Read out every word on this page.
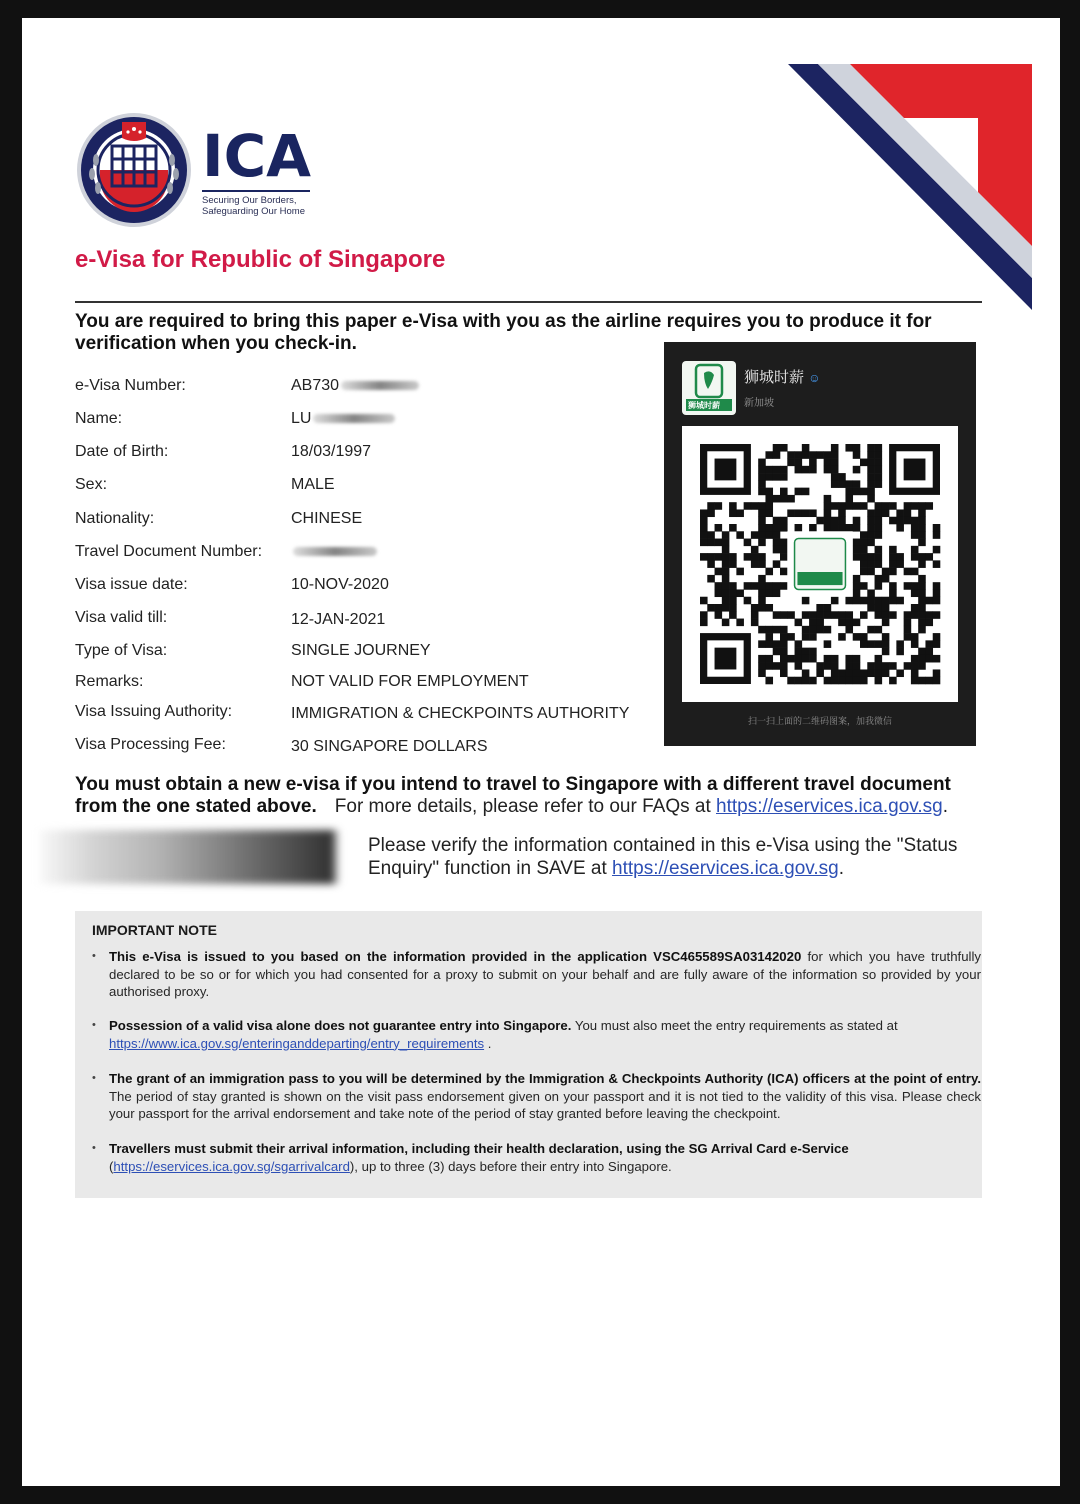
ICA
Securing Our Borders,
Safeguarding Our Home
e-Visa for Republic of Singapore
You are required to bring this paper e-Visa with you as the airline requires you to produce it for verification when you check-in.
e-Visa Number:	AB730
Name:	LU
Date of Birth:	18/03/1997
Sex:	MALE
Nationality:	CHINESE
Travel Document Number:
Visa issue date:	10-NOV-2020
Visa valid till:	12-JAN-2021
Type of Visa:	SINGLE JOURNEY
Remarks:	NOT VALID FOR EMPLOYMENT
Visa Issuing Authority:	IMMIGRATION & CHECKPOINTS AUTHORITY
Visa Processing Fee:	30 SINGAPORE DOLLARS
狮城时薪
狮城时薪 ☺
新加坡
扫一扫上面的二维码图案，加我微信
You must obtain a new e-visa if you intend to travel to Singapore with a different travel document
from the one stated above. For more details, please refer to our FAQs at https://eservices.ica.gov.sg.
Please verify the information contained in this e-Visa using the "Status Enquiry" function in SAVE at https://eservices.ica.gov.sg.
IMPORTANT NOTE
• This e-Visa is issued to you based on the information provided in the application VSC465589SA03142020 for which you have truthfully declared to be so or for which you had consented for a proxy to submit on your behalf and are fully aware of the information so provided by your authorised proxy.
• Possession of a valid visa alone does not guarantee entry into Singapore. You must also meet the entry requirements as stated at
https://www.ica.gov.sg/enteringanddeparting/entry_requirements .
• The grant of an immigration pass to you will be determined by the Immigration & Checkpoints Authority (ICA) officers at the point of entry. The period of stay granted is shown on the visit pass endorsement given on your passport and it is not tied to the validity of this visa. Please check your passport for the arrival endorsement and take note of the period of stay granted before leaving the checkpoint.
• Travellers must submit their arrival information, including their health declaration, using the SG Arrival Card e-Service
(https://eservices.ica.gov.sg/sgarrivalcard), up to three (3) days before their entry into Singapore.
